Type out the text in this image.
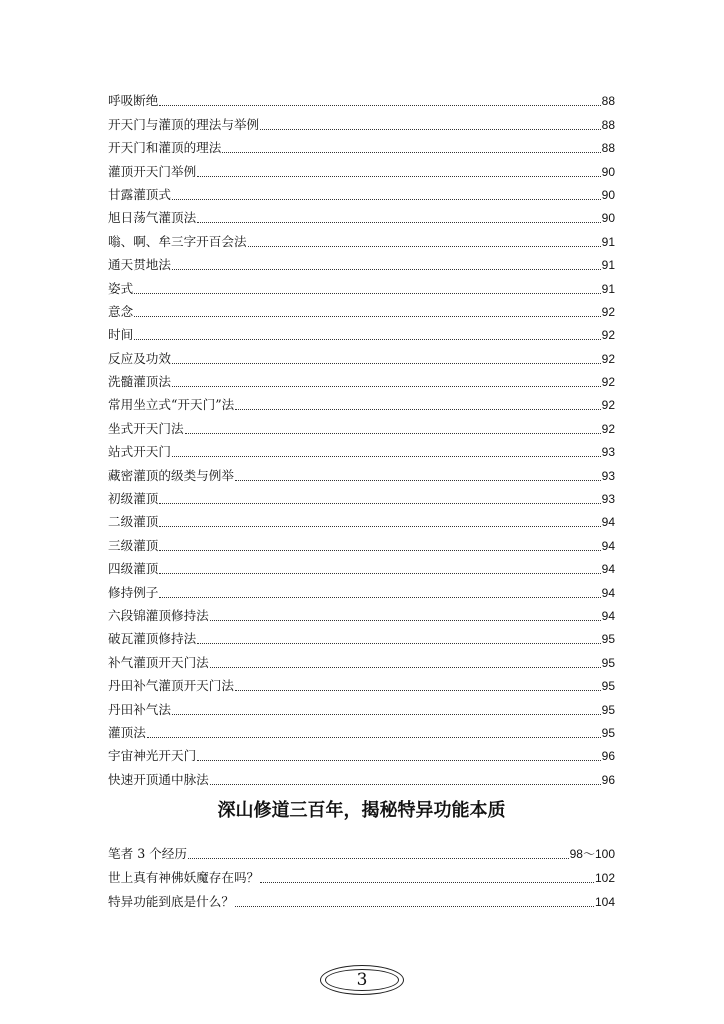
呼吸断绝	88
开天门与灌顶的理法与举例	88
开天门和灌顶的理法	88
灌顶开天门举例	90
甘露灌顶式	90
旭日荡气灌顶法	90
嗡、啊、牟三字开百会法	91
通天贯地法	91
姿式	91
意念	92
时间	92
反应及功效	92
洗髓灌顶法	92
常用坐立式“开天门”法	92
坐式开天门法	92
站式开天门	93
藏密灌顶的级类与例举	93
初级灌顶	93
二级灌顶	94
三级灌顶	94
四级灌顶	94
修持例子	94
六段锦灌顶修持法	94
破瓦灌顶修持法	95
补气灌顶开天门法	95
丹田补气灌顶开天门法	95
丹田补气法	95
灌顶法	95
宇宙神光开天门	96
快速开顶通中脉法	96
深山修道三百年，揭秘特异功能本质
笔者 3 个经历	98～100
世上真有神佛妖魔存在吗？	102
特异功能到底是什么？	104
3
